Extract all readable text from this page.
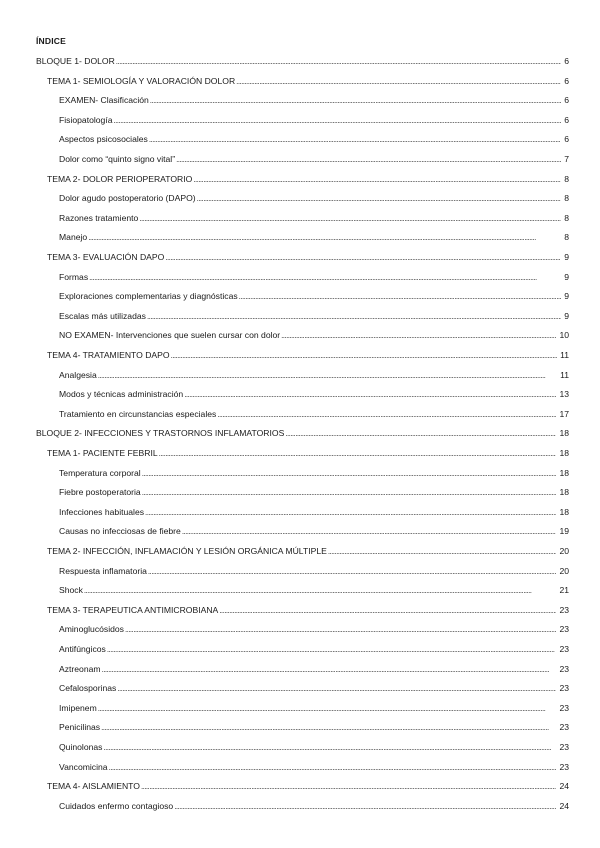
ÍNDICE
BLOQUE 1- DOLOR . . .	6
TEMA 1- SEMIOLOGÍA Y VALORACIÓN DOLOR . . .	6
EXAMEN- Clasificación . . .	6
Fisiopatología . . .	6
Aspectos psicosociales . . .	6
Dolor como “quinto signo vital” . . .	7
TEMA 2- DOLOR PERIOPERATORIO . . .	8
Dolor agudo postoperatorio (DAPO) . . .	8
Razones tratamiento . . .	8
Manejo . . .	8
TEMA 3- EVALUACIÓN DAPO . . .	9
Formas . . .	9
Exploraciones complementarias y diagnósticas . . .	9
Escalas más utilizadas . . .	9
NO EXAMEN- Intervenciones que suelen cursar con dolor . . .	10
TEMA 4- TRATAMIENTO DAPO . . .	11
Analgesia . . .	11
Modos y técnicas administración . . .	13
Tratamiento en circunstancias especiales . . .	17
BLOQUE 2- INFECCIONES Y TRASTORNOS INFLAMATORIOS . . .	18
TEMA 1- PACIENTE FEBRIL . . .	18
Temperatura corporal . . .	18
Fiebre postoperatoria . . .	18
Infecciones habituales . . .	18
Causas no infecciosas de fiebre . . .	19
TEMA 2- INFECCIÓN, INFLAMACIÓN Y LESIÓN ORGÁNICA MÚLTIPLE . . .	20
Respuesta inflamatoria . . .	20
Shock . . .	21
TEMA 3- TERAPEUTICA ANTIMICROBIANA . . .	23
Aminoglucósidos . . .	23
Antifúngicos . . .	23
Aztreonam . . .	23
Cefalosporinas . . .	23
Imipenem . . .	23
Penicilinas . . .	23
Quinolonas . . .	23
Vancomicina . . .	23
TEMA 4- AISLAMIENTO . . .	24
Cuidados enfermo contagioso . . .	24
